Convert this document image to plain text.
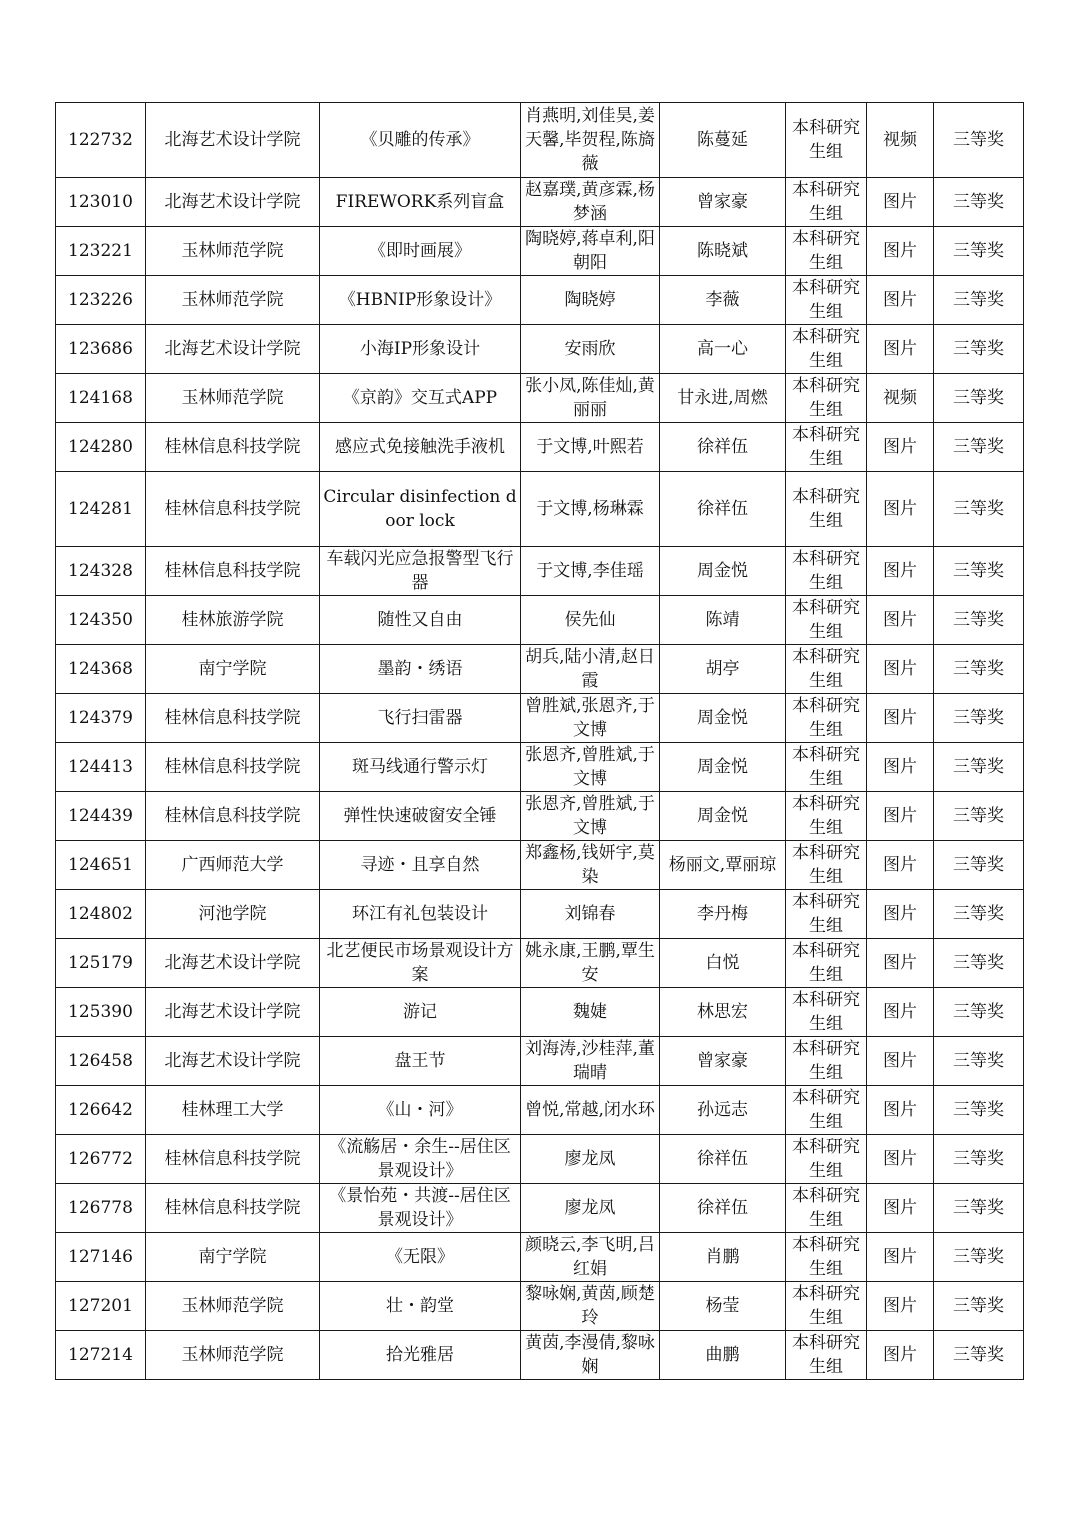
122732	北海艺术设计学院	《贝雕的传承》	肖燕明,刘佳昊,姜天馨,毕贺程,陈旖薇	陈蔓延	本科研究生组	视频	三等奖
123010	北海艺术设计学院	FIREWORK系列盲盒	赵嘉璞,黄彦霖,杨梦涵	曾家豪	本科研究生组	图片	三等奖
123221	玉林师范学院	《即时画展》	陶晓婷,蒋卓利,阳朝阳	陈晓斌	本科研究生组	图片	三等奖
123226	玉林师范学院	《HBNIP形象设计》	陶晓婷	李薇	本科研究生组	图片	三等奖
123686	北海艺术设计学院	小海IP形象设计	安雨欣	高一心	本科研究生组	图片	三等奖
124168	玉林师范学院	《京韵》交互式APP	张小凤,陈佳灿,黄丽丽	甘永进,周燃	本科研究生组	视频	三等奖
124280	桂林信息科技学院	感应式免接触洗手液机	于文博,叶熙若	徐祥伍	本科研究生组	图片	三等奖
124281	桂林信息科技学院	Circular disinfection door lock	于文博,杨琳霖	徐祥伍	本科研究生组	图片	三等奖
124328	桂林信息科技学院	车载闪光应急报警型飞行器	于文博,李佳瑶	周金悦	本科研究生组	图片	三等奖
124350	桂林旅游学院	随性又自由	侯先仙	陈靖	本科研究生组	图片	三等奖
124368	南宁学院	墨韵・绣语	胡兵,陆小清,赵日霞	胡亭	本科研究生组	图片	三等奖
124379	桂林信息科技学院	飞行扫雷器	曾胜斌,张恩齐,于文博	周金悦	本科研究生组	图片	三等奖
124413	桂林信息科技学院	斑马线通行警示灯	张恩齐,曾胜斌,于文博	周金悦	本科研究生组	图片	三等奖
124439	桂林信息科技学院	弹性快速破窗安全锤	张恩齐,曾胜斌,于文博	周金悦	本科研究生组	图片	三等奖
124651	广西师范大学	寻迹・且享自然	郑鑫杨,钱妍宇,莫染	杨丽文,覃丽琼	本科研究生组	图片	三等奖
124802	河池学院	环江有礼包装设计	刘锦春	李丹梅	本科研究生组	图片	三等奖
125179	北海艺术设计学院	北艺便民市场景观设计方案	姚永康,王鹏,覃生安	白悦	本科研究生组	图片	三等奖
125390	北海艺术设计学院	游记	魏婕	林思宏	本科研究生组	图片	三等奖
126458	北海艺术设计学院	盘王节	刘海涛,沙桂萍,董瑞晴	曾家豪	本科研究生组	图片	三等奖
126642	桂林理工大学	《山・河》	曾悦,常越,闭水环	孙远志	本科研究生组	图片	三等奖
126772	桂林信息科技学院	《流觞居・余生--居住区景观设计》	廖龙凤	徐祥伍	本科研究生组	图片	三等奖
126778	桂林信息科技学院	《景怡苑・共渡--居住区景观设计》	廖龙凤	徐祥伍	本科研究生组	图片	三等奖
127146	南宁学院	《无限》	颜晓云,李飞明,吕红娟	肖鹏	本科研究生组	图片	三等奖
127201	玉林师范学院	壮・韵堂	黎咏娴,黄茵,顾楚玲	杨莹	本科研究生组	图片	三等奖
127214	玉林师范学院	拾光雅居	黄茵,李漫倩,黎咏娴	曲鹏	本科研究生组	图片	三等奖
